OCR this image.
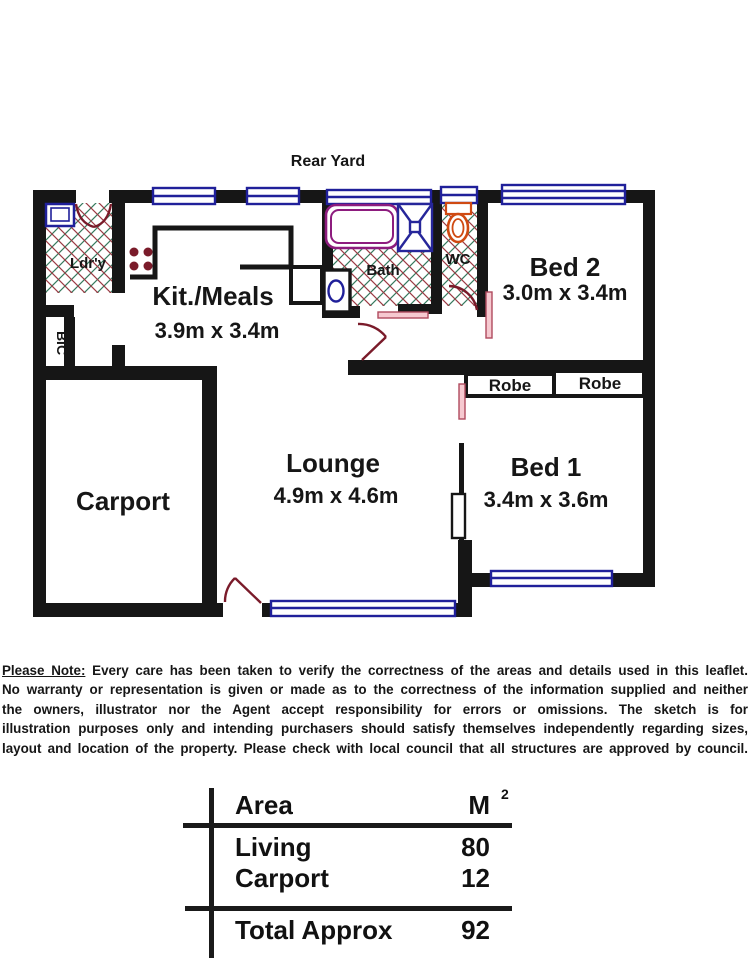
Rear Yard
Ldr'y
Kit./Meals
3.9m x 3.4m
Bath
WC Bed 2
3.0m x 3.4m
BIC
Carport
Lounge
4.9m x 4.6m
Robe	Robe
Bed 1
3.4m x 3.6m
Please Note: Every care has been taken to verify the correctness of the areas and details used in this leaflet.
No warranty or representation is given or made as to the correctness of the information supplied and neither
the owners, illustrator nor the Agent accept responsibility for errors or omissions. The sketch is for
illustration purposes only and intending purchasers should satisfy themselves independently regarding sizes,
layout and location of the property. Please check with local council that all structures are approved by council.
Area	M 2
Living	80
Carport	12
Total Approx	92
